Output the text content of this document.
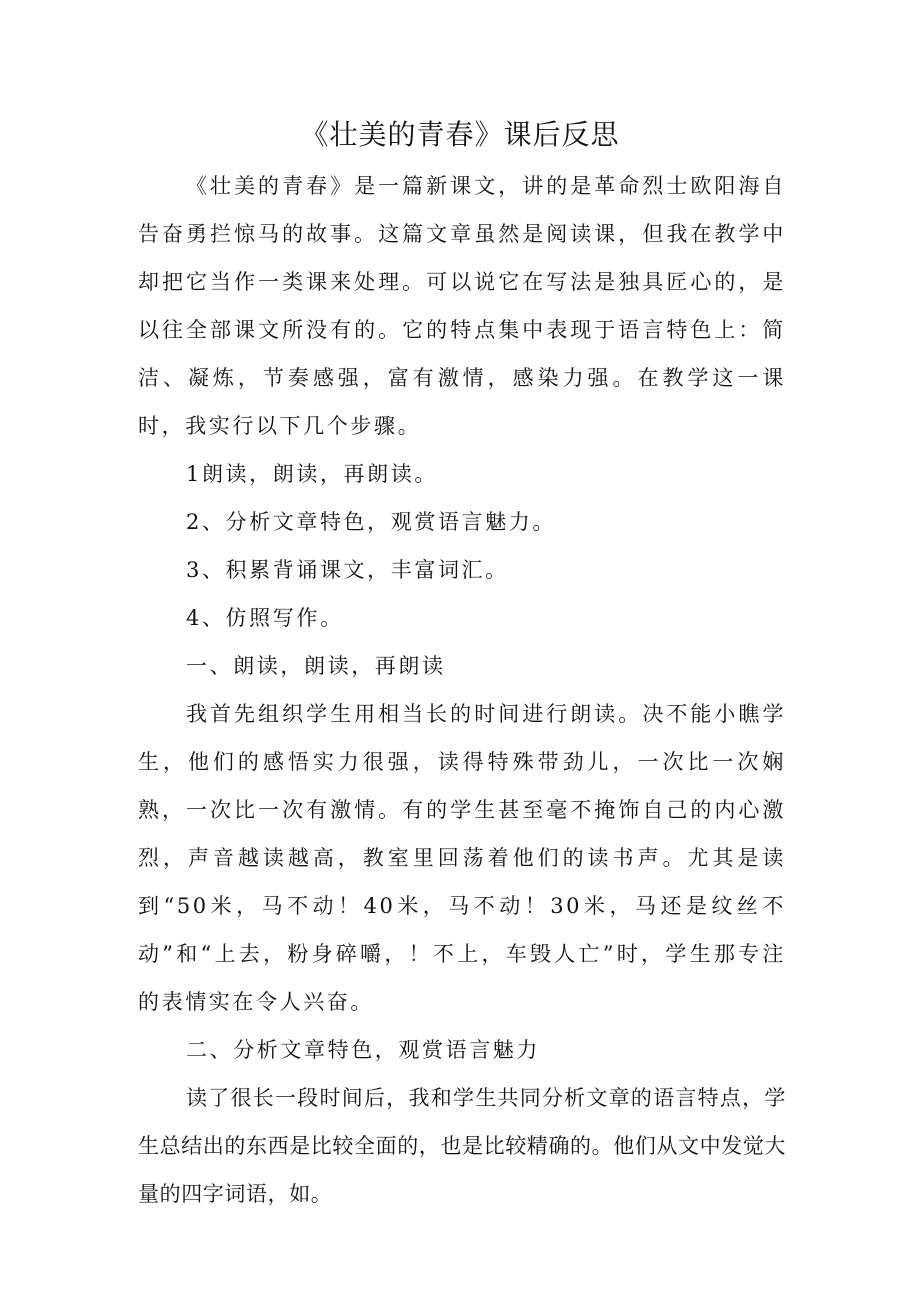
《壮美的青春》课后反思

《壮美的青春》是一篇新课文，讲的是革命烈士欧阳海自告奋勇拦惊马的故事。这篇文章虽然是阅读课，但我在教学中却把它当作一类课来处理。可以说它在写法是独具匠心的，是以往全部课文所没有的。它的特点集中表现于语言特色上：简洁、凝炼，节奏感强，富有激情，感染力强。在教学这一课时，我实行以下几个步骤。

1朗读，朗读，再朗读。

2、分析文章特色，观赏语言魅力。

3、积累背诵课文，丰富词汇。

4、仿照写作。

一、朗读，朗读，再朗读

我首先组织学生用相当长的时间进行朗读。决不能小瞧学生，他们的感悟实力很强，读得特殊带劲儿，一次比一次娴熟，一次比一次有激情。有的学生甚至毫不掩饰自己的内心激烈，声音越读越高，教室里回荡着他们的读书声。尤其是读到“50米，马不动！40米，马不动！30米，马还是纹丝不动”和“上去，粉身碎嚼，！不上，车毁人亡”时，学生那专注的表情实在令人兴奋。

二、分析文章特色，观赏语言魅力

读了很长一段时间后，我和学生共同分析文章的语言特点，学生总结出的东西是比较全面的，也是比较精确的。他们从文中发觉大量的四字词语，如。
